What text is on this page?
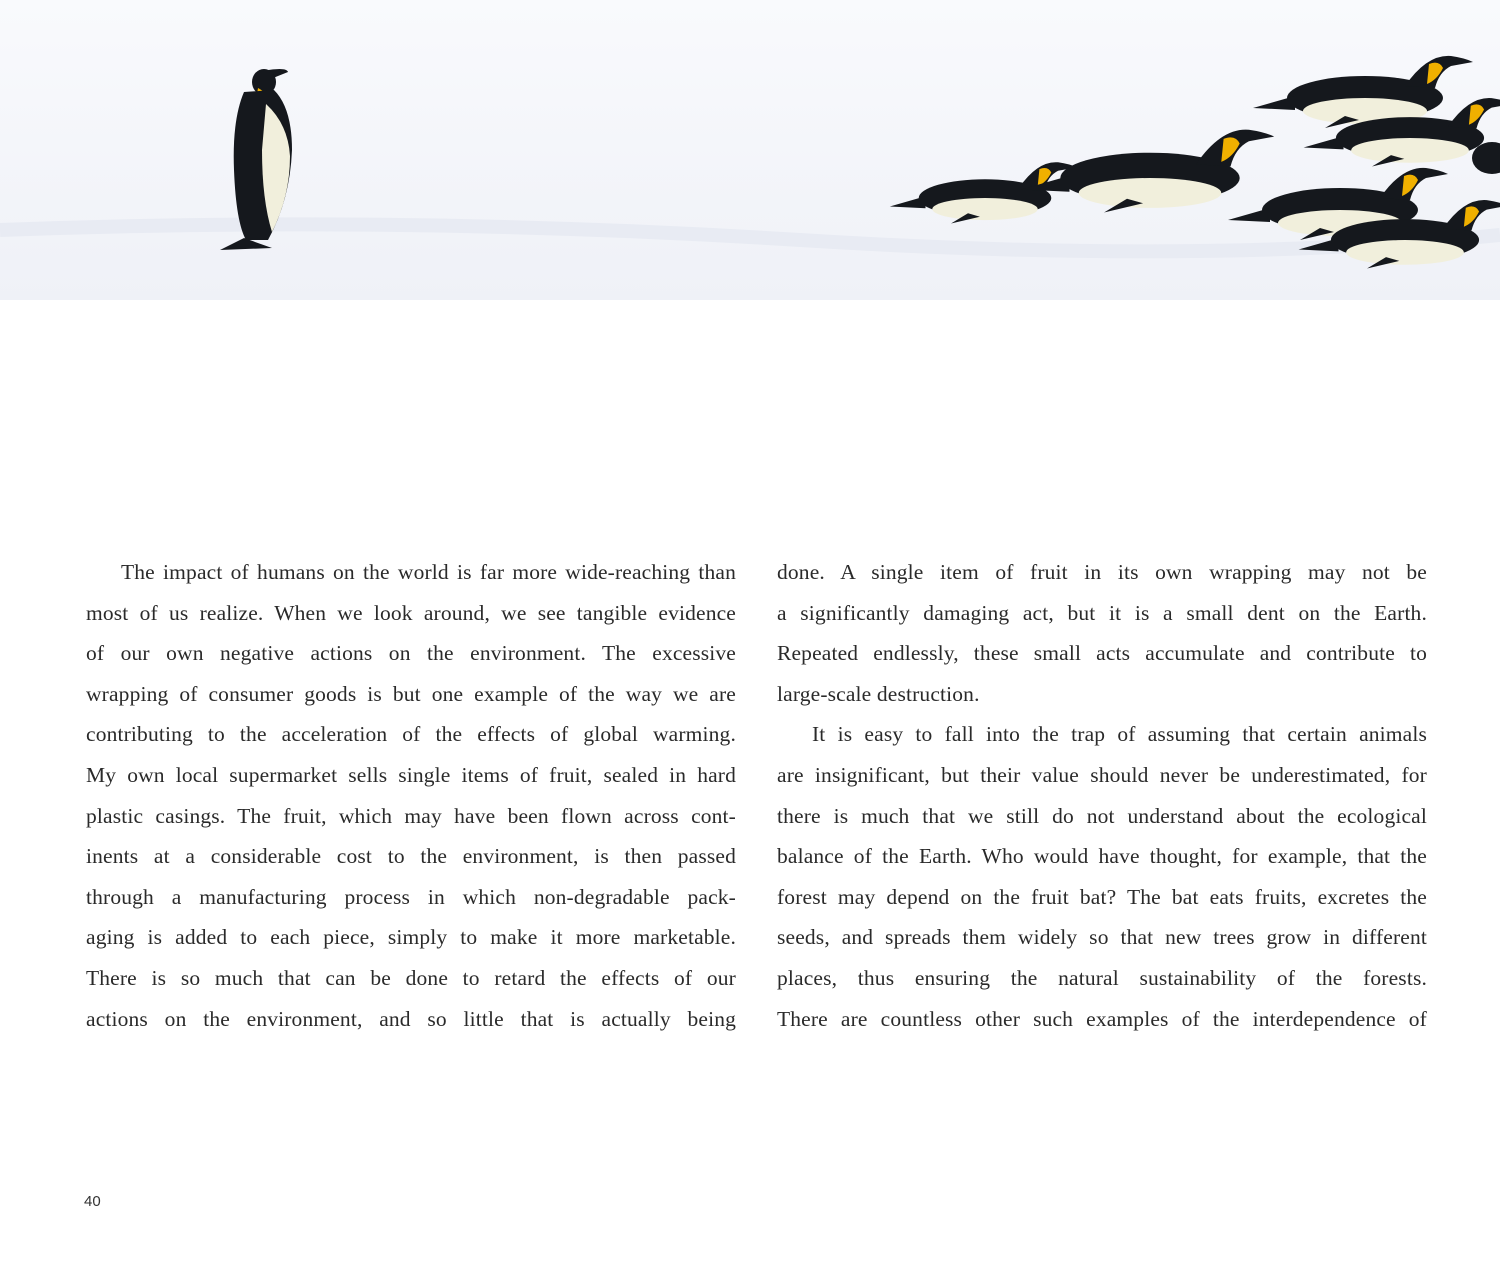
The impact of humans on the world is far more wide-reaching than
most of us realize. When we look around, we see tangible evidence
of our own negative actions on the environment. The excessive
wrapping of consumer goods is but one example of the way we are
contributing to the acceleration of the effects of global warming.
My own local supermarket sells single items of fruit, sealed in hard
plastic casings. The fruit, which may have been flown across cont-
inents at a considerable cost to the environment, is then passed
through a manufacturing process in which non-degradable pack-
aging is added to each piece, simply to make it more marketable.
There is so much that can be done to retard the effects of our
actions on the environment, and so little that is actually being
done. A single item of fruit in its own wrapping may not be
a significantly damaging act, but it is a small dent on the Earth.
Repeated endlessly, these small acts accumulate and contribute to
large-scale destruction.
It is easy to fall into the trap of assuming that certain animals
are insignificant, but their value should never be underestimated, for
there is much that we still do not understand about the ecological
balance of the Earth. Who would have thought, for example, that the
forest may depend on the fruit bat? The bat eats fruits, excretes the
seeds, and spreads them widely so that new trees grow in different
places, thus ensuring the natural sustainability of the forests.
There are countless other such examples of the interdependence of
40
